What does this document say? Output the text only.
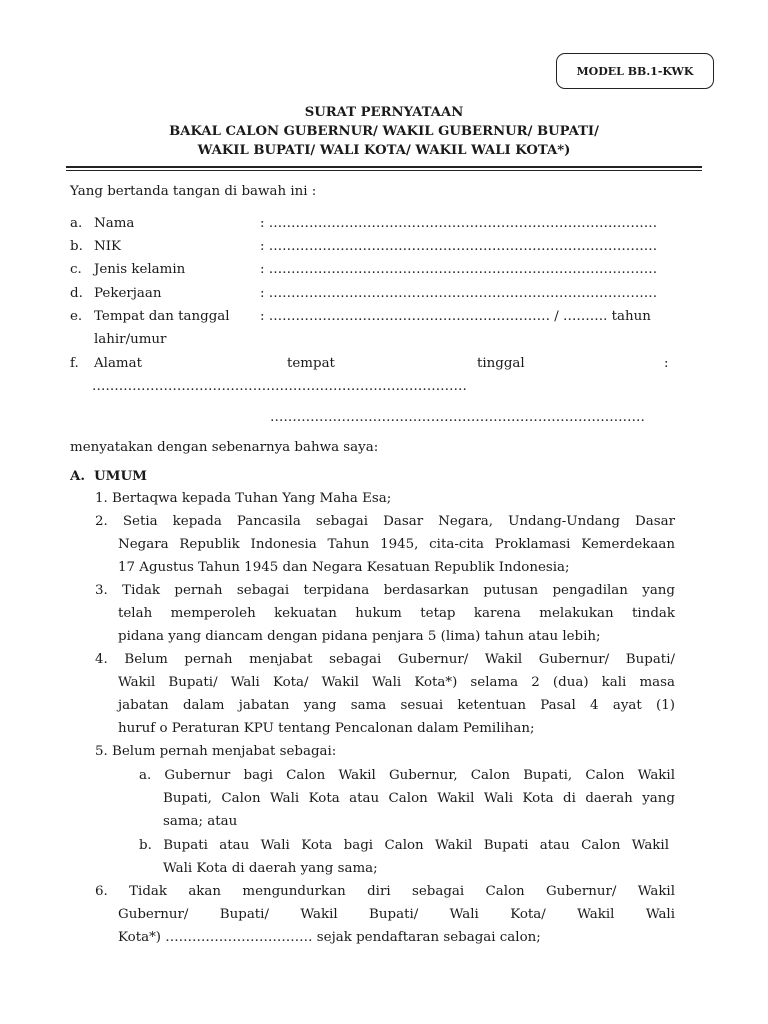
MODEL BB.1-KWK
SURAT PERNYATAAN
BAKAL CALON GUBERNUR/ WAKIL GUBERNUR/ BUPATI/
WAKIL BUPATI/ WALI KOTA/ WAKIL WALI KOTA*)
Yang bertanda tangan di bawah ini :
a. Nama	: ……………………………………………………………………………
b. NIK	: ……………………………………………………………………………
c. Jenis kelamin	: ……………………………………………………………………………
d. Pekerjaan	: ……………………………………………………………………………
e. Tempat dan tanggal : ……………………………………………………… / ………. tahun
lahir/umur
f. Alamat	tempat	tinggal	:
…………………………………………………………………………
…………………………………………………………………………
menyatakan dengan sebenarnya bahwa saya:
A. UMUM
1. Bertaqwa kepada Tuhan Yang Maha Esa;
2. Setia kepada Pancasila sebagai Dasar Negara, Undang-Undang Dasar
Negara Republik Indonesia Tahun 1945, cita-cita Proklamasi Kemerdekaan
17 Agustus Tahun 1945 dan Negara Kesatuan Republik Indonesia;
3. Tidak pernah sebagai terpidana berdasarkan putusan pengadilan yang
telah memperoleh kekuatan hukum tetap karena melakukan tindak
pidana yang diancam dengan pidana penjara 5 (lima) tahun atau lebih;
4. Belum pernah menjabat sebagai Gubernur/ Wakil Gubernur/ Bupati/
Wakil Bupati/ Wali Kota/ Wakil Wali Kota*) selama 2 (dua) kali masa
jabatan dalam jabatan yang sama sesuai ketentuan Pasal 4 ayat (1)
huruf o Peraturan KPU tentang Pencalonan dalam Pemilihan;
5. Belum pernah menjabat sebagai:
a. Gubernur bagi Calon Wakil Gubernur, Calon Bupati, Calon Wakil
Bupati, Calon Wali Kota atau Calon Wakil Wali Kota di daerah yang
sama; atau
b. Bupati atau Wali Kota bagi Calon Wakil Bupati atau Calon Wakil
Wali Kota di daerah yang sama;
6. Tidak akan mengundurkan diri sebagai Calon Gubernur/ Wakil
Gubernur/ Bupati/ Wakil Bupati/ Wali Kota/ Wakil Wali
Kota*) …………………………… sejak pendaftaran sebagai calon;
